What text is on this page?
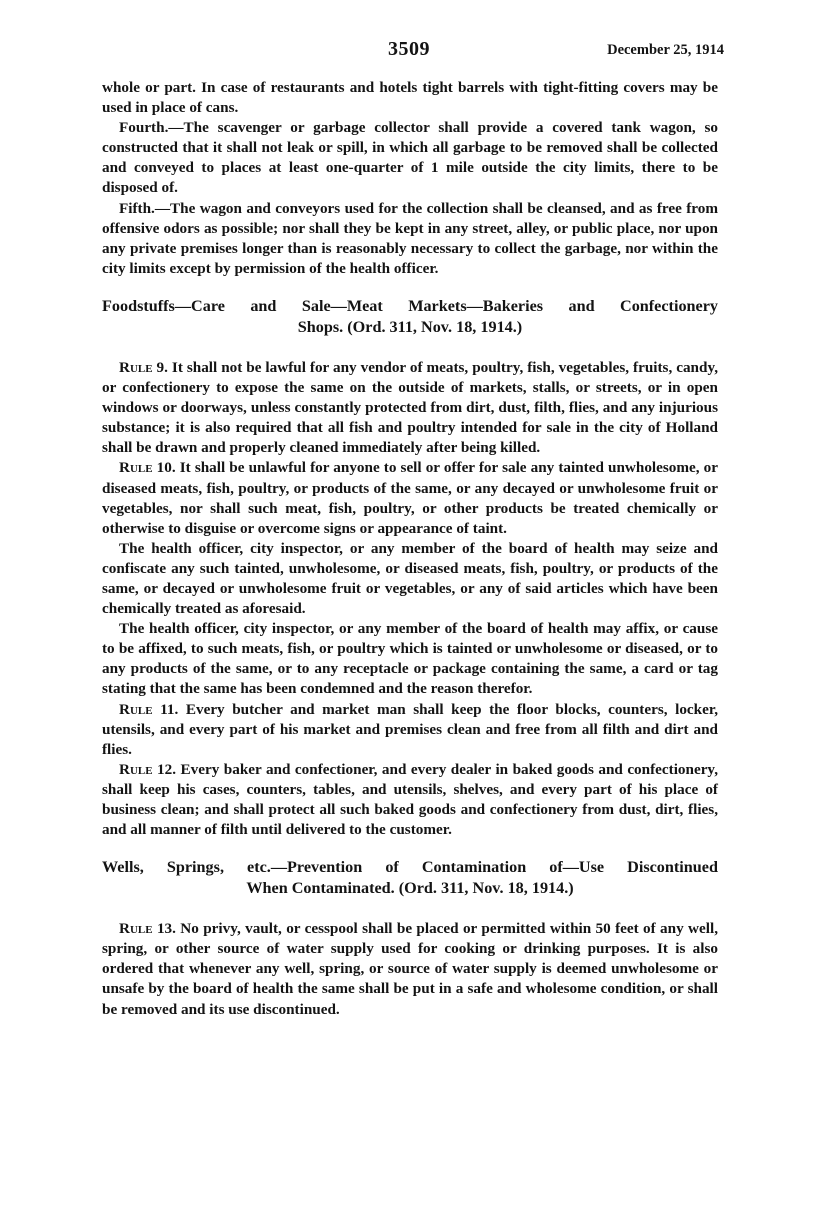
3509	December 25, 1914

whole or part. In case of restaurants and hotels tight barrels with tight-fitting covers may be used in place of cans.

Fourth.—The scavenger or garbage collector shall provide a covered tank wagon, so constructed that it shall not leak or spill, in which all garbage to be removed shall be collected and conveyed to places at least one-quarter of 1 mile outside the city limits, there to be disposed of.

Fifth.—The wagon and conveyors used for the collection shall be cleansed, and as free from offensive odors as possible; nor shall they be kept in any street, alley, or public place, nor upon any private premises longer than is reasonably necessary to collect the garbage, nor within the city limits except by permission of the health officer.

Foodstuffs—Care and Sale—Meat Markets—Bakeries and Confectionery
Shops. (Ord. 311, Nov. 18, 1914.)

Rule 9. It shall not be lawful for any vendor of meats, poultry, fish, vegetables, fruits, candy, or confectionery to expose the same on the outside of markets, stalls, or streets, or in open windows or doorways, unless constantly protected from dirt, dust, filth, flies, and any injurious substance; it is also required that all fish and poultry intended for sale in the city of Holland shall be drawn and properly cleaned immediately after being killed.

Rule 10. It shall be unlawful for anyone to sell or offer for sale any tainted unwholesome, or diseased meats, fish, poultry, or products of the same, or any decayed or unwholesome fruit or vegetables, nor shall such meat, fish, poultry, or other products be treated chemically or otherwise to disguise or overcome signs or appearance of taint.

The health officer, city inspector, or any member of the board of health may seize and confiscate any such tainted, unwholesome, or diseased meats, fish, poultry, or products of the same, or decayed or unwholesome fruit or vegetables, or any of said articles which have been chemically treated as aforesaid.

The health officer, city inspector, or any member of the board of health may affix, or cause to be affixed, to such meats, fish, or poultry which is tainted or unwholesome or diseased, or to any products of the same, or to any receptacle or package containing the same, a card or tag stating that the same has been condemned and the reason therefor.

Rule 11. Every butcher and market man shall keep the floor blocks, counters, locker, utensils, and every part of his market and premises clean and free from all filth and dirt and flies.

Rule 12. Every baker and confectioner, and every dealer in baked goods and confectionery, shall keep his cases, counters, tables, and utensils, shelves, and every part of his place of business clean; and shall protect all such baked goods and confectionery from dust, dirt, flies, and all manner of filth until delivered to the customer.

Wells, Springs, etc.—Prevention of Contamination of—Use Discontinued
When Contaminated. (Ord. 311, Nov. 18, 1914.)

Rule 13. No privy, vault, or cesspool shall be placed or permitted within 50 feet of any well, spring, or other source of water supply used for cooking or drinking purposes. It is also ordered that whenever any well, spring, or source of water supply is deemed unwholesome or unsafe by the board of health the same shall be put in a safe and wholesome condition, or shall be removed and its use discontinued.
